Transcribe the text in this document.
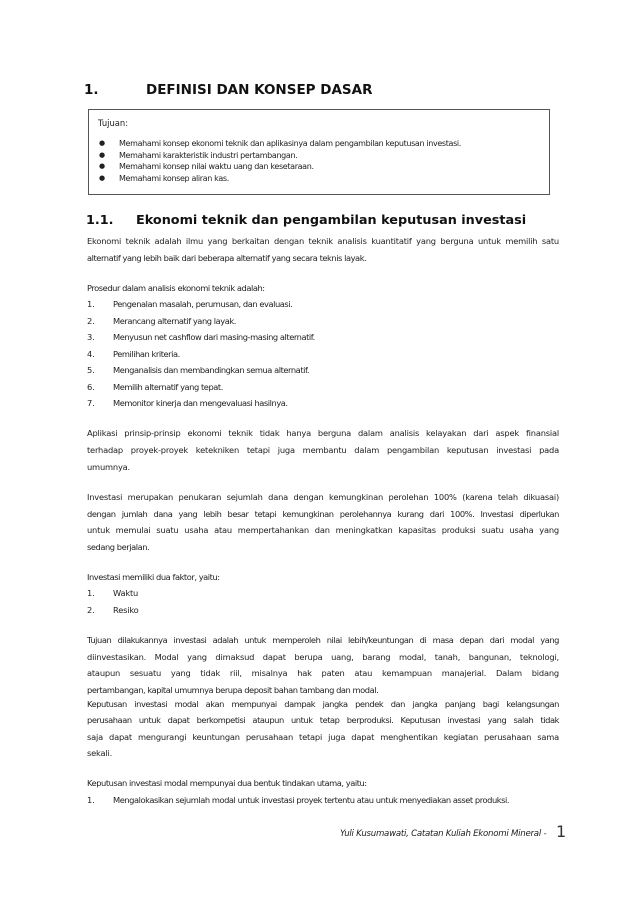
1.	DEFINISI DAN KONSEP DASAR
Tujuan:
● Memahami konsep ekonomi teknik dan aplikasinya dalam pengambilan keputusan investasi.
● Memahami karakteristik industri pertambangan.
● Memahami konsep nilai waktu uang dan kesetaraan.
● Memahami konsep aliran kas.
1.1. Ekonomi teknik dan pengambilan keputusan investasi
Ekonomi teknik adalah ilmu yang berkaitan dengan teknik analisis kuantitatif yang berguna untuk memilih satu
alternatif yang lebih baik dari beberapa alternatif yang secara teknis layak.
Prosedur dalam analisis ekonomi teknik adalah:
1. Pengenalan masalah, perumusan, dan evaluasi.
2. Merancang alternatif yang layak.
3. Menyusun net cashflow dari masing-masing alternatif.
4. Pemilihan kriteria.
5. Menganalisis dan membandingkan semua alternatif.
6. Memilih alternatif yang tepat.
7. Memonitor kinerja dan mengevaluasi hasilnya.
Aplikasi prinsip-prinsip ekonomi teknik tidak hanya berguna dalam analisis kelayakan dari aspek finansial
terhadap proyek-proyek ketekniken tetapi juga membantu dalam pengambilan keputusan investasi pada
umumnya.
Investasi merupakan penukaran sejumlah dana dengan kemungkinan perolehan 100% (karena telah dikuasai)
dengan jumlah dana yang lebih besar tetapi kemungkinan perolehannya kurang dari 100%. Investasi diperlukan
untuk memulai suatu usaha atau mempertahankan dan meningkatkan kapasitas produksi suatu usaha yang
sedang berjalan.
Investasi memiliki dua faktor, yaitu:
1. Waktu
2. Resiko
Tujuan dilakukannya investasi adalah untuk memperoleh nilai lebih/keuntungan di masa depan dari modal yang
diinvestasikan. Modal yang dimaksud dapat berupa uang, barang modal, tanah, bangunan, teknologi,
ataupun sesuatu yang tidak riil, misalnya hak paten atau kemampuan manajerial. Dalam bidang
pertambangan, kapital umumnya berupa deposit bahan tambang dan modal.
Keputusan investasi modal akan mempunyai dampak jangka pendek dan jangka panjang bagi kelangsungan
perusahaan untuk dapat berkompetisi ataupun untuk tetap berproduksi. Keputusan investasi yang salah tidak
saja dapat mengurangi keuntungan perusahaan tetapi juga dapat menghentikan kegiatan perusahaan sama
sekali.
Keputusan investasi modal mempunyai dua bentuk tindakan utama, yaitu:
1. Mengalokasikan sejumlah modal untuk investasi proyek tertentu atau untuk menyediakan asset produksi.
Yuli Kusumawati, Catatan Kuliah Ekonomi Mineral - 1
